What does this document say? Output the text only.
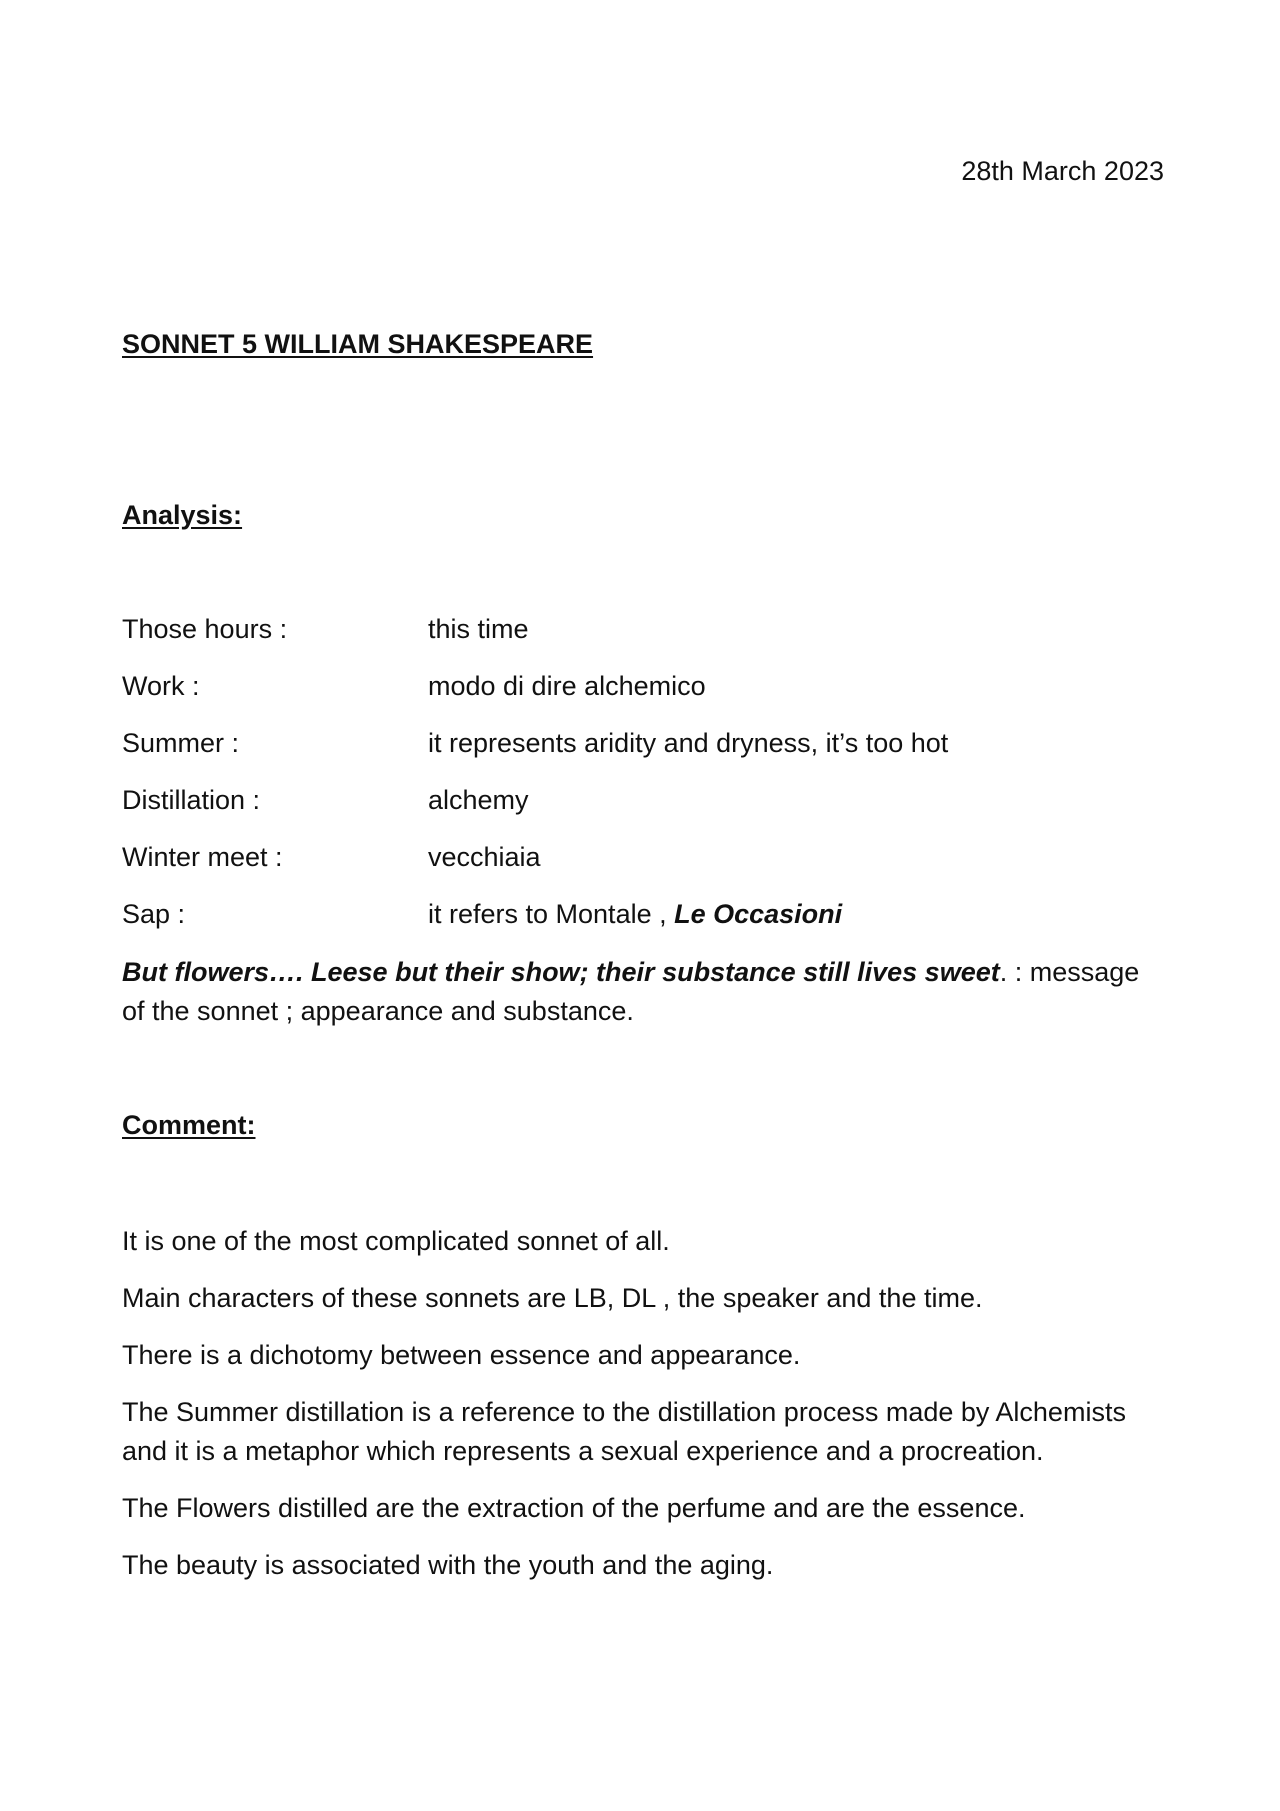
28th March 2023
SONNET 5 WILLIAM SHAKESPEARE
Analysis:
Those hours :	this time
Work :	modo di dire alchemico
Summer :	it represents aridity and dryness, it’s too hot
Distillation :	alchemy
Winter meet :	vecchiaia
Sap :	it refers to Montale , Le Occasioni
But flowers…. Leese but their show; their substance still lives sweet. : message of the sonnet ; appearance and substance.
Comment:

It is one of the most complicated sonnet of all.

Main characters of these sonnets are LB, DL , the speaker and the time.

There is a dichotomy between essence and appearance.

The Summer distillation is a reference to the distillation process made by Alchemists and it is a metaphor which represents a sexual experience and a procreation.

The Flowers distilled are the extraction of the perfume and are the essence.

The beauty is associated with the youth and the aging.
